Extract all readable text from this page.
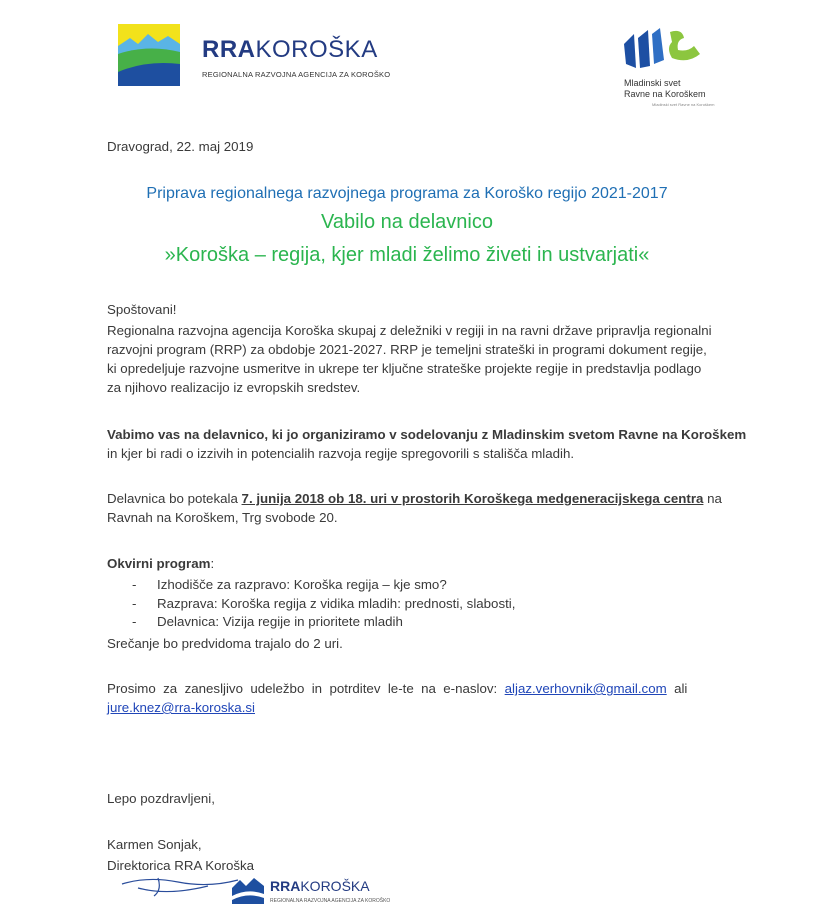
RRAKOROŠKA
REGIONALNA RAZVOJNA AGENCIJA ZA KOROŠKO
Mladinski svet
Ravne na Koroškem
Mladinski svet Ravne na Koroškem
Dravograd, 22. maj 2019
Priprava regionalnega razvojnega programa za Koroško regijo 2021-2017
Vabilo na delavnico
»Koroška – regija, kjer mladi želimo živeti in ustvarjati«
Spoštovani!
Regionalna razvojna agencija Koroška skupaj z deležniki v regiji in na ravni države pripravlja regionalni
razvojni program (RRP) za obdobje 2021-2027. RRP je temeljni strateški in programi dokument regije,
ki opredeljuje razvojne usmeritve in ukrepe ter ključne strateške projekte regije in predstavlja podlago
za njihovo realizacijo iz evropskih sredstev.
Vabimo vas na delavnico, ki jo organiziramo v sodelovanju z Mladinskim svetom Ravne na Koroškem
in kjer bi radi o izzivih in potencialih razvoja regije spregovorili s stališča mladih.
Delavnica bo potekala 7. junija 2018 ob 18. uri v prostorih Koroškega medgeneracijskega centra na
Ravnah na Koroškem, Trg svobode 20.
Okvirni program:
- Izhodišče za razpravo: Koroška regija – kje smo?
- Razprava: Koroška regija z vidika mladih: prednosti, slabosti,
- Delavnica: Vizija regije in prioritete mladih
Srečanje bo predvidoma trajalo do 2 uri.
Prosimo  za  zanesljivo  udeležbo  in  potrditev  le-te  na  e-naslov:  aljaz.verhovnik@gmail.com  ali
jure.knez@rra-koroska.si
Lepo pozdravljeni,
Karmen Sonjak,
Direktorica RRA Koroška
RRAKOROŠKA
REGIONALNA RAZVOJNA AGENCIJA ZA KOROŠKO
